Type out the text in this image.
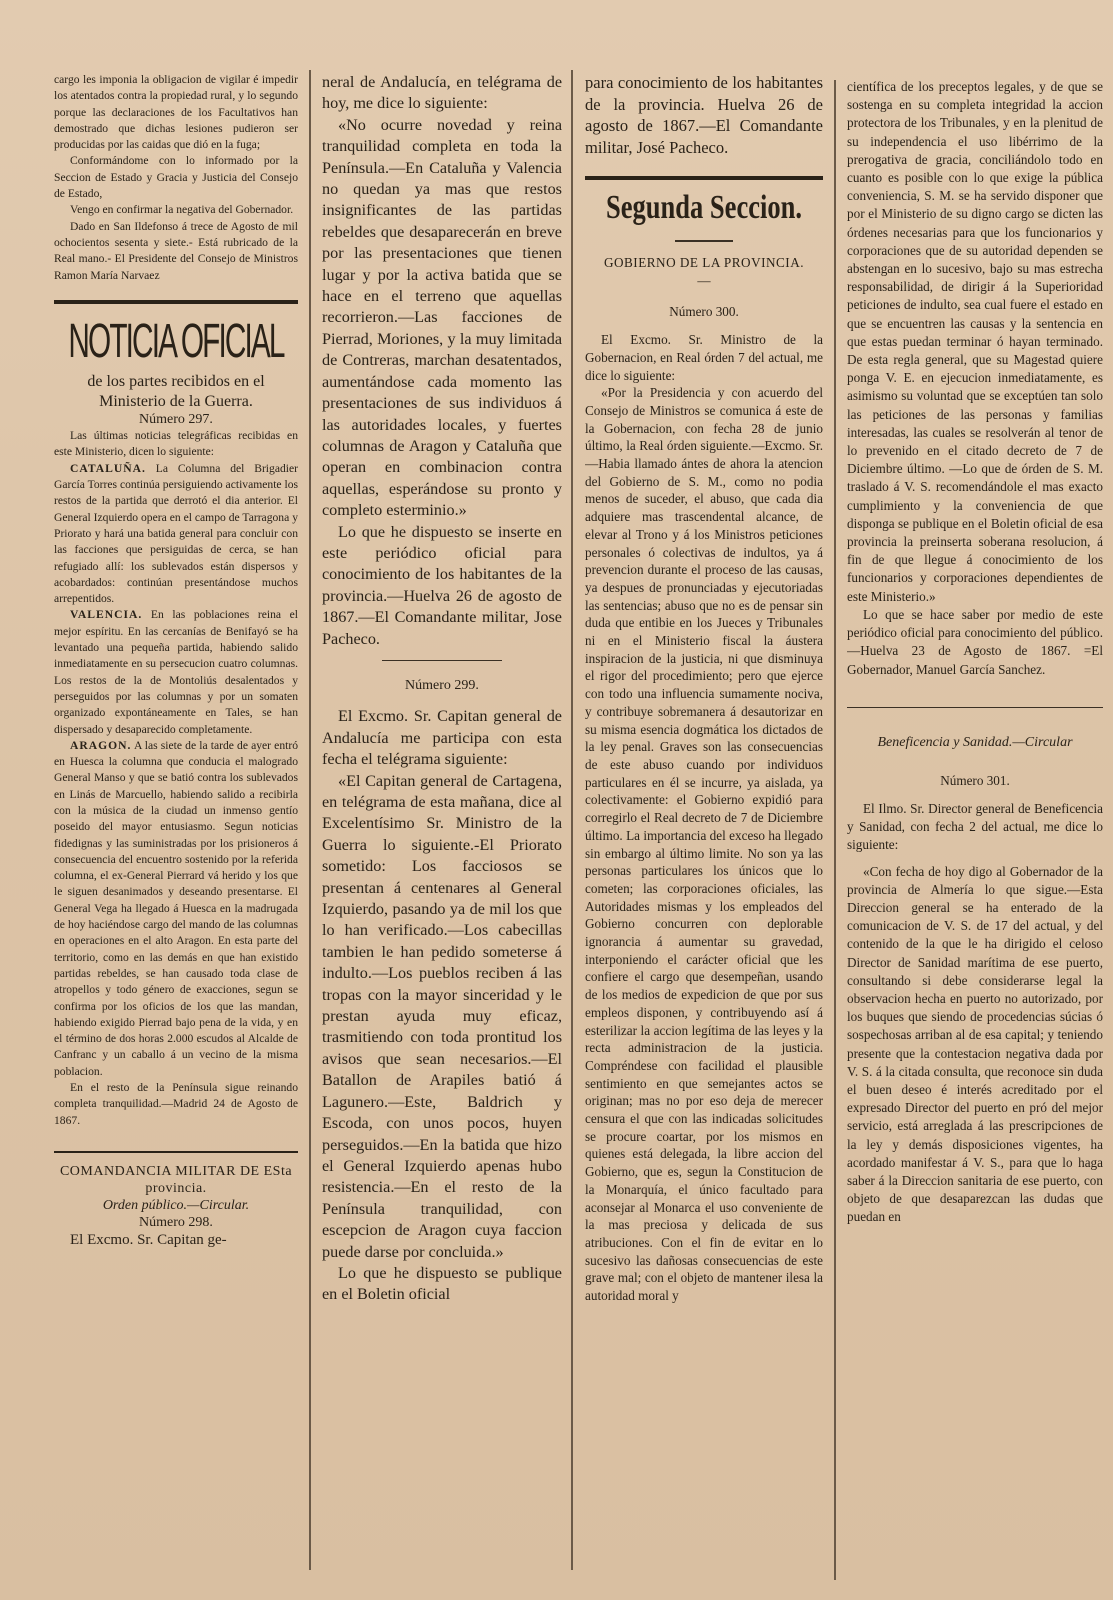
cargo les imponia la obligacion de vigilar é impedir los atentados contra la propiedad rural, y lo segundo porque las declaraciones de los Facultativos han demostrado que dichas lesiones pudieron ser producidas por las caidas que dió en la fuga;

Conformándome con lo informado por la Seccion de Estado y Gracia y Justicia del Consejo de Estado,

Vengo en confirmar la negativa del Gobernador.

Dado en San Ildefonso á trece de Agosto de mil ochocientos sesenta y siete.- Está rubricado de la Real mano.- El Presidente del Consejo de Ministros Ramon María Narvaez

NOTICIA OFICIAL

de los partes recibidos en el Ministerio de la Guerra.

Número 297.

Las últimas noticias telegráficas recibidas en este Ministerio, dicen lo siguiente:

CATALUÑA. La Columna del Brigadier García Torres continúa persiguiendo activamente los restos de la partida que derrotó el dia anterior. El General Izquierdo opera en el campo de Tarragona y Priorato y hará una batida general para concluir con las facciones que persiguidas de cerca, se han refugiado allí: los sublevados están dispersos y acobardados: continúan presentándose muchos arrepentidos.

VALENCIA. En las poblaciones reina el mejor espíritu. En las cercanías de Benifayó se ha levantado una pequeña partida, habiendo salido inmediatamente en su persecucion cuatro columnas. Los restos de la de Montoliús desalentados y perseguidos por las columnas y por un somaten organizado expontáneamente en Tales, se han dispersado y desaparecido completamente.

ARAGON. A las siete de la tarde de ayer entró en Huesca la columna que conducia el malogrado General Manso y que se batió contra los sublevados en Linás de Marcuello, habiendo salido a recibirla con la música de la ciudad un inmenso gentío poseido del mayor entusiasmo. Segun noticias fidedignas y las suministradas por los prisioneros á consecuencia del encuentro sostenido por la referida columna, el ex-General Pierrard vá herido y los que le siguen desanimados y deseando presentarse. El General Vega ha llegado á Huesca en la madrugada de hoy haciéndose cargo del mando de las columnas en operaciones en el alto Aragon. En esta parte del territorio, como en las demás en que han existido partidas rebeldes, se han causado toda clase de atropellos y todo género de exacciones, segun se confirma por los oficios de los que las mandan, habiendo exigido Pierrad bajo pena de la vida, y en el término de dos horas 2.000 escudos al Alcalde de Canfranc y un caballo á un vecino de la misma poblacion.

En el resto de la Península sigue reinando completa tranquilidad.—Madrid 24 de Agosto de 1867.

COMANDANCIA MILITAR DE ESta provincia.

Orden público.—Circular.

Número 298.

El Excmo. Sr. Capitan ge-

neral de Andalucía, en telégrama de hoy, me dice lo siguiente:

«No ocurre novedad y reina tranquilidad completa en toda la Península.—En Cataluña y Valencia no quedan ya mas que restos insignificantes de las partidas rebeldes que desaparecerán en breve por las presentaciones que tienen lugar y por la activa batida que se hace en el terreno que aquellas recorrieron.—Las facciones de Pierrad, Moriones, y la muy limitada de Contreras, marchan desatentados, aumentándose cada momento las presentaciones de sus individuos á las autoridades locales, y fuertes columnas de Aragon y Cataluña que operan en combinacion contra aquellas, esperándose su pronto y completo esterminio.»

Lo que he dispuesto se inserte en este periódico oficial para conocimiento de los habitantes de la provincia.—Huelva 26 de agosto de 1867.—El Comandante militar, Jose Pacheco.

Número 299.

El Excmo. Sr. Capitan general de Andalucía me participa con esta fecha el telégrama siguiente:

«El Capitan general de Cartagena, en telégrama de esta mañana, dice al Excelentísimo Sr. Ministro de la Guerra lo siguiente.-El Priorato sometido: Los facciosos se presentan á centenares al General Izquierdo, pasando ya de mil los que lo han verificado.—Los cabecillas tambien le han pedido someterse á indulto.—Los pueblos reciben á las tropas con la mayor sinceridad y le prestan ayuda muy eficaz, trasmitiendo con toda prontitud los avisos que sean necesarios.—El Batallon de Arapiles batió á Lagunero.—Este, Baldrich y Escoda, con unos pocos, huyen perseguidos.—En la batida que hizo el General Izquierdo apenas hubo resistencia.—En el resto de la Península tranquilidad, con escepcion de Aragon cuya faccion puede darse por concluida.»

Lo que he dispuesto se publique en el Boletin oficial

para conocimiento de los habitantes de la provincia. Huelva 26 de agosto de 1867.—El Comandante militar, José Pacheco.

Segunda Seccion.

GOBIERNO DE LA PROVINCIA.

—

Número 300.

El Excmo. Sr. Ministro de la Gobernacion, en Real órden 7 del actual, me dice lo siguiente:

«Por la Presidencia y con acuerdo del Consejo de Ministros se comunica á este de la Gobernacion, con fecha 28 de junio último, la Real órden siguiente.—Excmo. Sr.—Habia llamado ántes de ahora la atencion del Gobierno de S. M., como no podia menos de suceder, el abuso, que cada dia adquiere mas trascendental alcance, de elevar al Trono y á los Ministros peticiones personales ó colectivas de indultos, ya á prevencion durante el proceso de las causas, ya despues de pronunciadas y ejecutoriadas las sentencias; abuso que no es de pensar sin duda que entibie en los Jueces y Tribunales ni en el Ministerio fiscal la áustera inspiracion de la justicia, ni que disminuya el rigor del procedimiento; pero que ejerce con todo una influencia sumamente nociva, y contribuye sobremanera á desautorizar en su misma esencia dogmática los dictados de la ley penal. Graves son las consecuencias de este abuso cuando por individuos particulares en él se incurre, ya aislada, ya colectivamente: el Gobierno expidió para corregirlo el Real decreto de 7 de Diciembre último. La importancia del exceso ha llegado sin embargo al último limite. No son ya las personas particulares los únicos que lo cometen; las corporaciones oficiales, las Autoridades mismas y los empleados del Gobierno concurren con deplorable ignorancia á aumentar su gravedad, interponiendo el carácter oficial que les confiere el cargo que desempeñan, usando de los medios de expedicion de que por sus empleos disponen, y contribuyendo así á esterilizar la accion legítima de las leyes y la recta administracion de la justicia. Compréndese con facilidad el plausible sentimiento en que semejantes actos se originan; mas no por eso deja de merecer censura el que con las indicadas solicitudes se procure coartar, por los mismos en quienes está delegada, la libre accion del Gobierno, que es, segun la Constitucion de la Monarquía, el único facultado para aconsejar al Monarca el uso conveniente de la mas preciosa y delicada de sus atribuciones. Con el fin de evitar en lo sucesivo las dañosas consecuencias de este grave mal; con el objeto de mantener ilesa la autoridad moral y

científica de los preceptos legales, y de que se sostenga en su completa integridad la accion protectora de los Tribunales, y en la plenitud de su independencia el uso libérrimo de la prerogativa de gracia, conciliándolo todo en cuanto es posible con lo que exige la pública conveniencia, S. M. se ha servido disponer que por el Ministerio de su digno cargo se dicten las órdenes necesarias para que los funcionarios y corporaciones que de su autoridad dependen se abstengan en lo sucesivo, bajo su mas estrecha responsabilidad, de dirigir á la Superioridad peticiones de indulto, sea cual fuere el estado en que se encuentren las causas y la sentencia en que estas puedan terminar ó hayan terminado. De esta regla general, que su Magestad quiere ponga V. E. en ejecucion inmediatamente, es asimismo su voluntad que se exceptúen tan solo las peticiones de las personas y familias interesadas, las cuales se resolverán al tenor de lo prevenido en el citado decreto de 7 de Diciembre último. —Lo que de órden de S. M. traslado á V. S. recomendándole el mas exacto cumplimiento y la conveniencia de que disponga se publique en el Boletin oficial de esa provincia la preinserta soberana resolucion, á fin de que llegue á conocimiento de los funcionarios y corporaciones dependientes de este Ministerio.»

Lo que se hace saber por medio de este periódico oficial para conocimiento del público. —Huelva 23 de Agosto de 1867. =El Gobernador, Manuel García Sanchez.

Beneficencia y Sanidad.—Circular

Número 301.

El Ilmo. Sr. Director general de Beneficencia y Sanidad, con fecha 2 del actual, me dice lo siguiente:

«Con fecha de hoy digo al Gobernador de la provincia de Almería lo que sigue.—Esta Direccion general se ha enterado de la comunicacion de V. S. de 17 del actual, y del contenido de la que le ha dirigido el celoso Director de Sanidad marítima de ese puerto, consultando si debe considerarse legal la observacion hecha en puerto no autorizado, por los buques que siendo de procedencias súcias ó sospechosas arriban al de esa capital; y teniendo presente que la contestacion negativa dada por V. S. á la citada consulta, que reconoce sin duda el buen deseo é interés acreditado por el expresado Director del puerto en pró del mejor servicio, está arreglada á las prescripciones de la ley y demás disposiciones vigentes, ha acordado manifestar á V. S., para que lo haga saber á la Direccion sanitaria de ese puerto, con objeto de que desaparezcan las dudas que puedan en
